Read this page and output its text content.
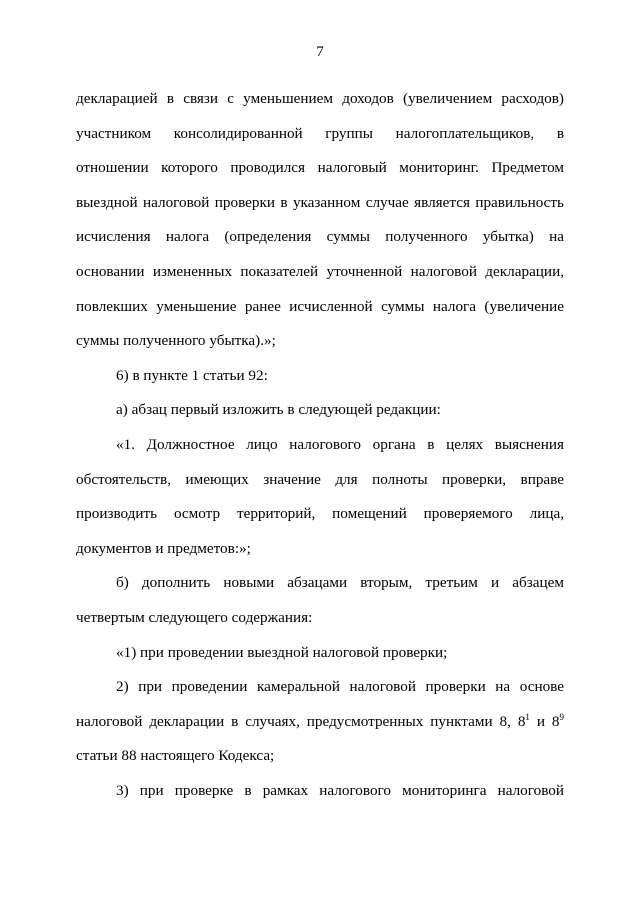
7

декларацией в связи с уменьшением доходов (увеличением расходов) участником консолидированной группы налогоплательщиков, в отношении которого проводился налоговый мониторинг. Предметом выездной налоговой проверки в указанном случае является правильность исчисления налога (определения суммы полученного убытка) на основании измененных показателей уточненной налоговой декларации, повлекших уменьшение ранее исчисленной суммы налога (увеличение суммы полученного убытка).»;

6) в пункте 1 статьи 92:

а) абзац первый изложить в следующей редакции:

«1. Должностное лицо налогового органа в целях выяснения обстоятельств, имеющих значение для полноты проверки, вправе производить осмотр территорий, помещений проверяемого лица, документов и предметов:»;

б) дополнить новыми абзацами вторым, третьим и абзацем четвертым следующего содержания:

«1) при проведении выездной налоговой проверки;

2) при проведении камеральной налоговой проверки на основе налоговой декларации в случаях, предусмотренных пунктами 8, $8^1$ и $8^9$ статьи 88 настоящего Кодекса;

3) при проверке в рамках налогового мониторинга налоговой
